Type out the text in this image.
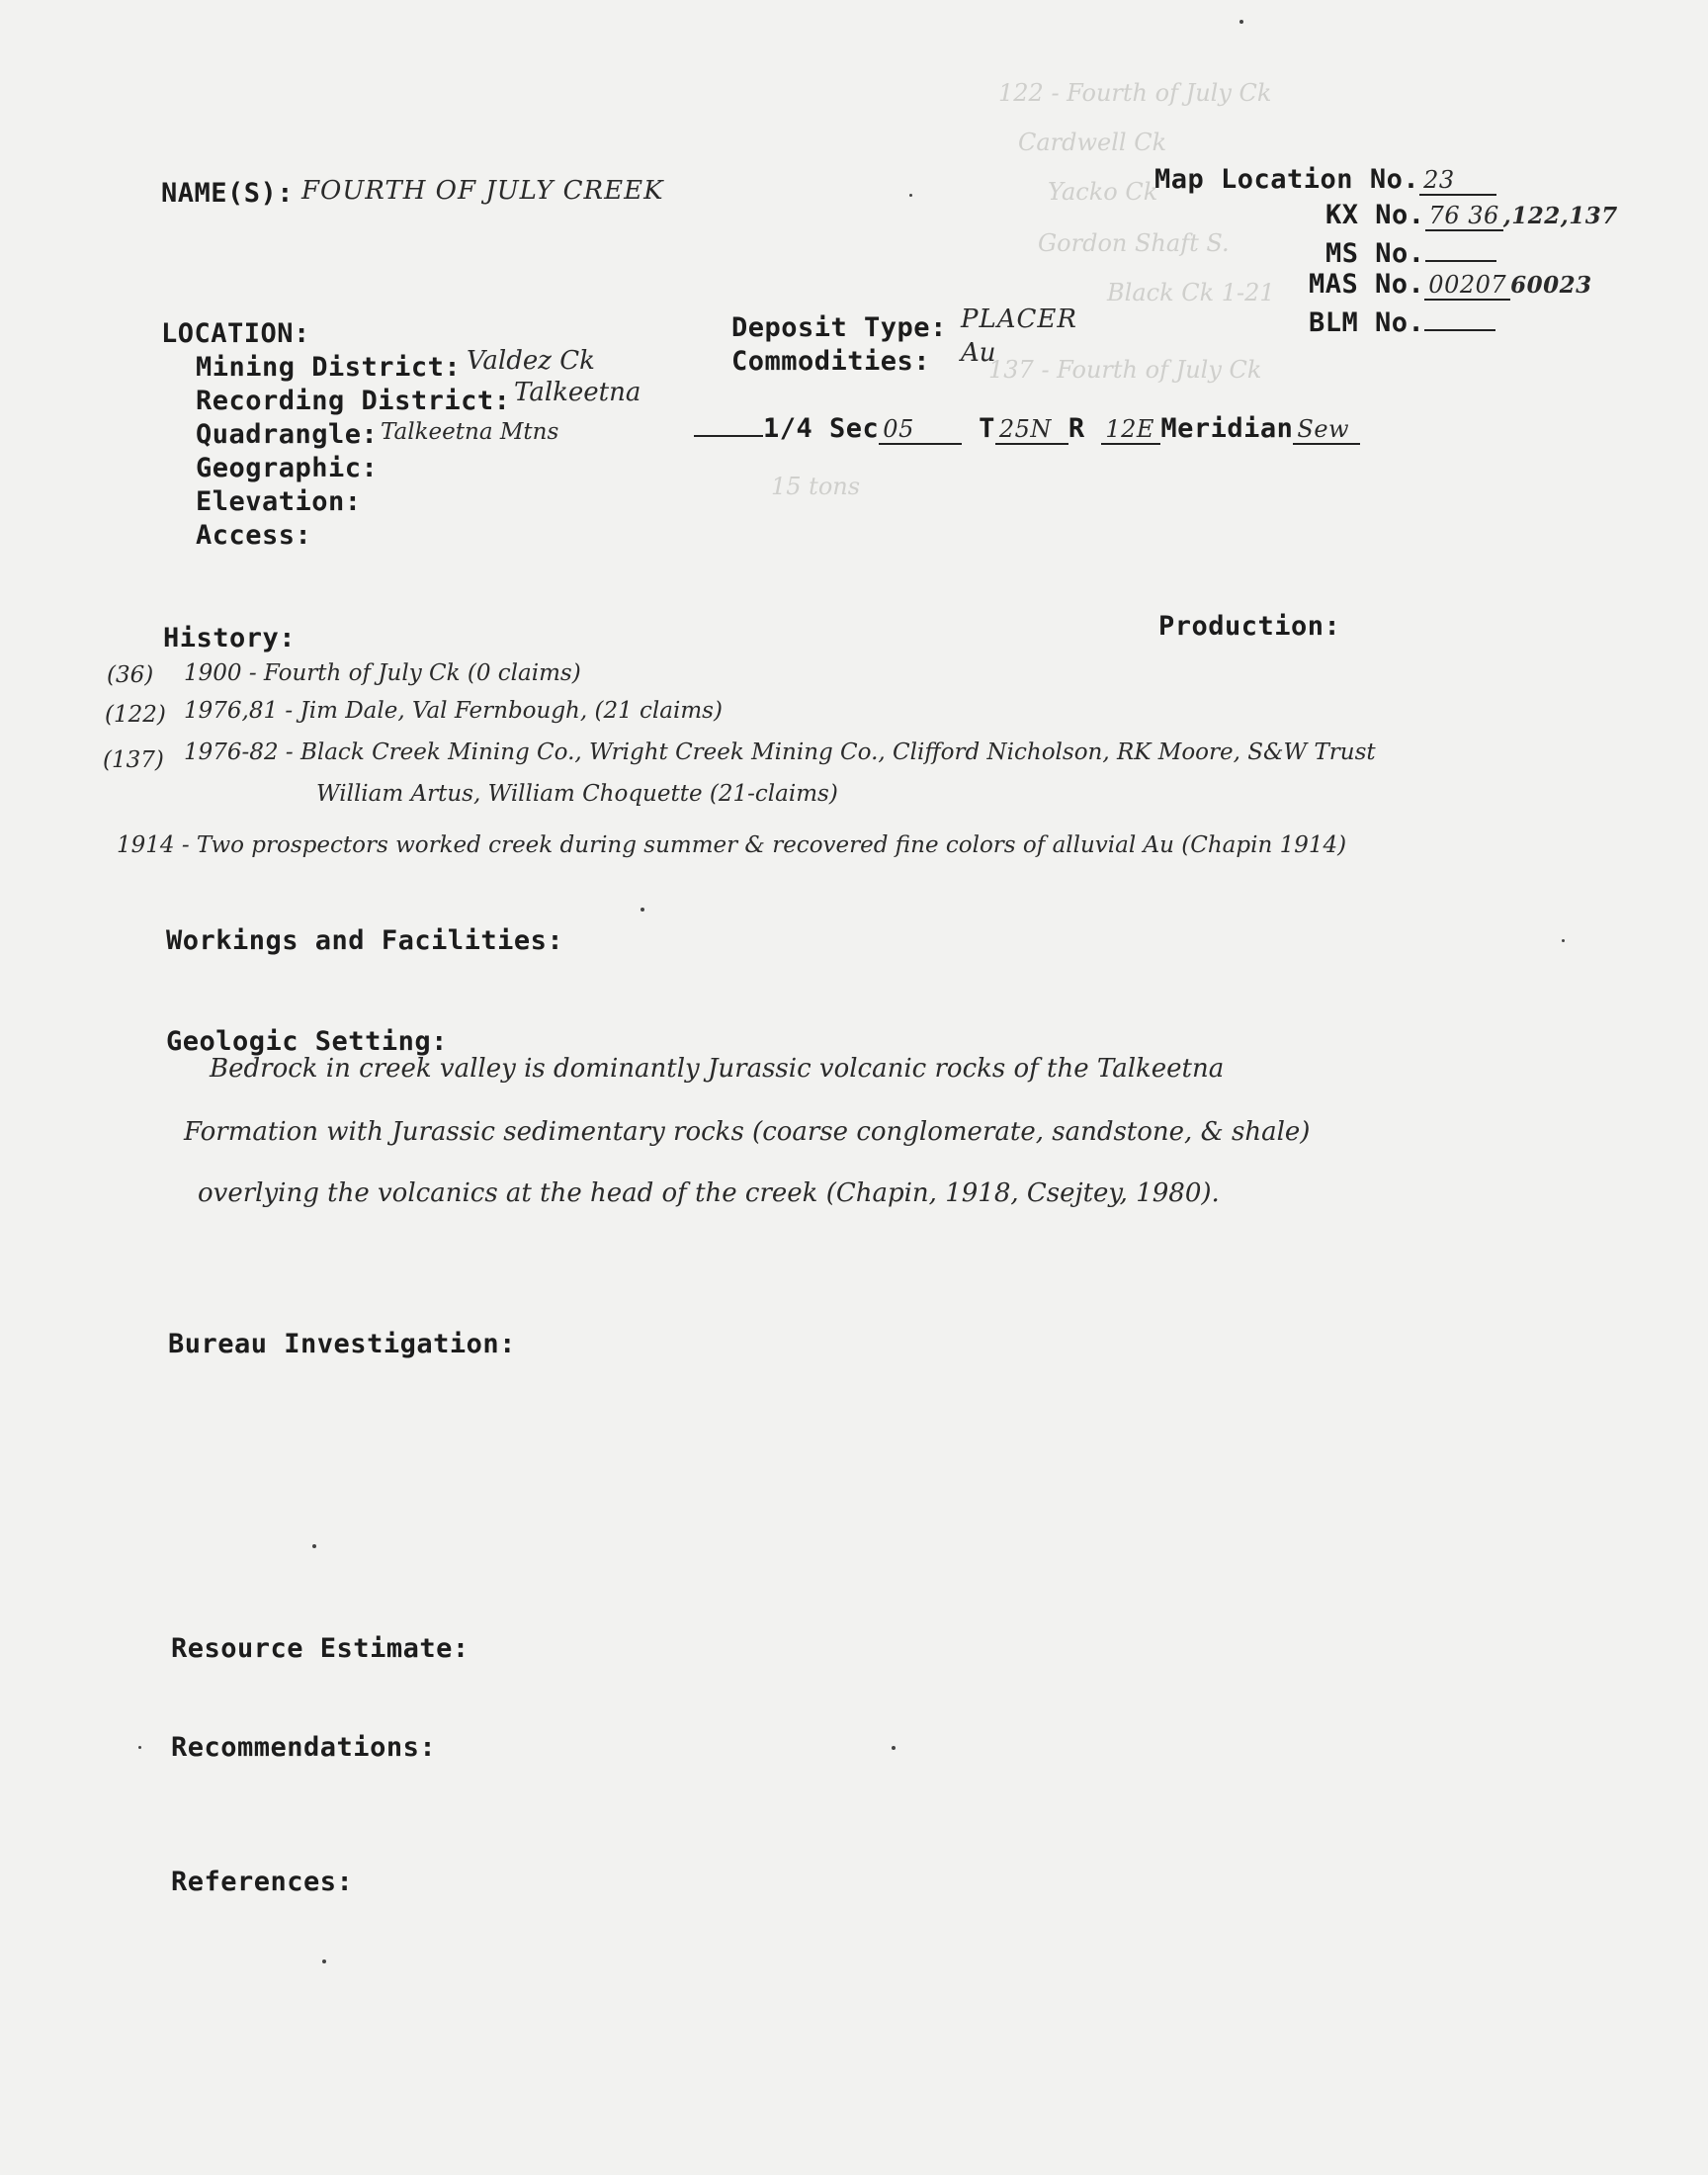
122 - Fourth of July Ck
Cardwell Ck
Yacko Ck
Gordon Shaft S.
Black Ck 1-21
137 - Fourth of July Ck
15 tons
NAME(S): FOURTH OF JULY CREEK	Map Location No. 23
KX No. 76 36 ,122,137
MS No.
MAS No. 00207 60023
BLM No.
LOCATION:
Mining District: Valdez Ck
Recording District: Talkeetna
Quadrangle: Talkeetna Mtns
Geographic:
Elevation:
Access:
Deposit Type: PLACER
Commodities: Au
1/4 Sec 05 T 25N R 12E Meridian Sew
History:	Production:
(36) 1900 - Fourth of July Ck (0 claims)
(122) 1976,81 - Jim Dale, Val Fernbough, (21 claims)
(137) 1976-82 - Black Creek Mining Co., Wright Creek Mining Co., Clifford Nicholson, RK Moore, S&W Trust
William Artus, William Choquette (21-claims)
1914 - Two prospectors worked creek during summer & recovered fine colors of alluvial Au (Chapin 1914)
Workings and Facilities:
Geologic Setting:
Bedrock in creek valley is dominantly Jurassic volcanic rocks of the Talkeetna
Formation with Jurassic sedimentary rocks (coarse conglomerate, sandstone, & shale)
overlying the volcanics at the head of the creek (Chapin, 1918, Csejtey, 1980).
Bureau Investigation:
Resource Estimate:
Recommendations:
References:
